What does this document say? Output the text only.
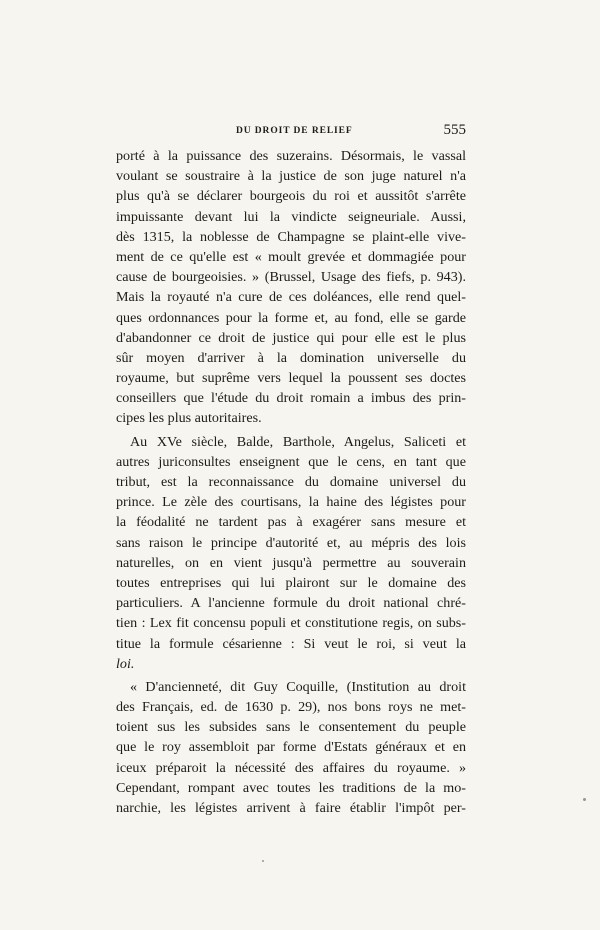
DU DROIT DE RELIEF	555
porté à la puissance des suzerains. Désormais, le vassal
voulant se soustraire à la justice de son juge naturel n'a
plus qu'à se déclarer bourgeois du roi et aussitôt s'arrête
impuissante devant lui la vindicte seigneuriale. Aussi,
dès 1315, la noblesse de Champagne se plaint-elle vive-
ment de ce qu'elle est « moult grevée et dommagiée pour
cause de bourgeoisies. » (Brussel, Usage des fiefs, p. 943).
Mais la royauté n'a cure de ces doléances, elle rend quel-
ques ordonnances pour la forme et, au fond, elle se garde
d'abandonner ce droit de justice qui pour elle est le plus
sûr moyen d'arriver à la domination universelle du
royaume, but suprême vers lequel la poussent ses doctes
conseillers que l'étude du droit romain a imbus des prin-
cipes les plus autoritaires.
Au XVe siècle, Balde, Barthole, Angelus, Saliceti et
autres juriconsultes enseignent que le cens, en tant que
tribut, est la reconnaissance du domaine universel du
prince. Le zèle des courtisans, la haine des légistes pour
la féodalité ne tardent pas à exagérer sans mesure et
sans raison le principe d'autorité et, au mépris des lois
naturelles, on en vient jusqu'à permettre au souverain
toutes entreprises qui lui plairont sur le domaine des
particuliers. A l'ancienne formule du droit national chré-
tien : Lex fit concensu populi et constitutione regis, on subs-
titue la formule césarienne : Si veut le roi, si veut la
loi.
« D'ancienneté, dit Guy Coquille, (Institution au droit
des Français, ed. de 1630 p. 29), nos bons roys ne met-
toient sus les subsides sans le consentement du peuple
que le roy assembloit par forme d'Estats généraux et en
iceux préparoit la nécessité des affaires du royaume. »
Cependant, rompant avec toutes les traditions de la mo-
narchie, les légistes arrivent à faire établir l'impôt per-
